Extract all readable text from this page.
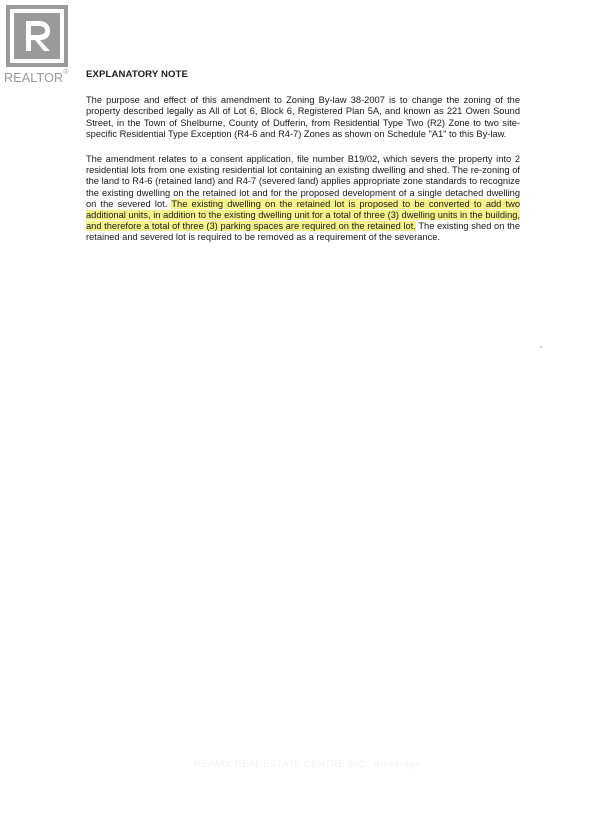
REALTOR® EXPLANATORY NOTE

The purpose and effect of this amendment to Zoning By-law 38-2007 is to change the zoning of the property described legally as All of Lot 6, Block 6, Registered Plan 5A, and known as 221 Owen Sound Street, in the Town of Shelburne, County of Dufferin, from Residential Type Two (R2) Zone to two site-specific Residential Type Exception (R4-6 and R4-7) Zones as shown on Schedule "A1" to this By-law.

The amendment relates to a consent application, file number B19/02, which severs the property into 2 residential lots from one existing residential lot containing an existing dwelling and shed. The re-zoning of the land to R4-6 (retained land) and R4-7 (severed land) applies appropriate zone standards to recognize the existing dwelling on the retained lot and for the proposed development of a single detached dwelling on the severed lot. The existing dwelling on the retained lot is proposed to be converted to add two additional units, in addition to the existing dwelling unit for a total of three (3) dwelling units in the building, and therefore a total of three (3) parking spaces are required on the retained lot. The existing shed on the retained and severed lot is required to be removed as a requirement of the severance.

RE/MAX REAL ESTATE CENTRE INC., Brokerage
